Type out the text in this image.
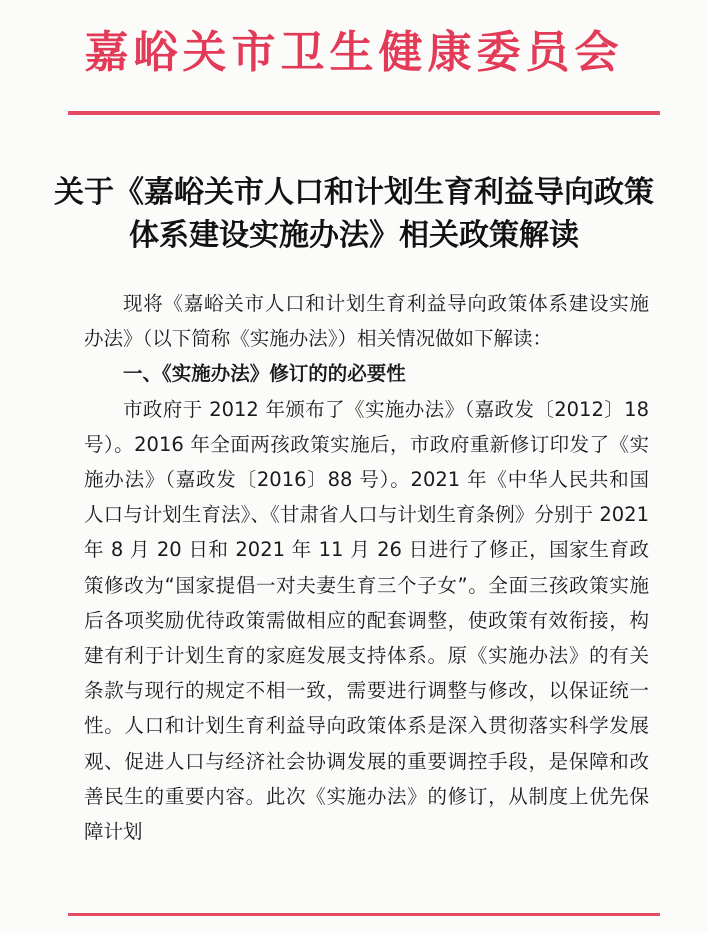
嘉峪关市卫生健康委员会
关于《嘉峪关市人口和计划生育利益导向政策
体系建设实施办法》相关政策解读

现将《嘉峪关市人口和计划生育利益导向政策体系建设实施办法》（以下简称《实施办法》）相关情况做如下解读：

一、《实施办法》修订的的必要性

市政府于 2012 年颁布了《实施办法》（嘉政发〔2012〕18 号）。2016 年全面两孩政策实施后，市政府重新修订印发了《实施办法》（嘉政发〔2016〕88 号）。2021 年《中华人民共和国人口与计划生育法》、《甘肃省人口与计划生育条例》分别于 2021 年 8 月 20 日和 2021 年 11 月 26 日进行了修正，国家生育政策修改为“国家提倡一对夫妻生育三个子女”。全面三孩政策实施后各项奖励优待政策需做相应的配套调整，使政策有效衔接，构建有利于计划生育的家庭发展支持体系。原《实施办法》的有关条款与现行的规定不相一致，需要进行调整与修改，以保证统一性。人口和计划生育利益导向政策体系是深入贯彻落实科学发展观、促进人口与经济社会协调发展的重要调控手段，是保障和改善民生的重要内容。此次《实施办法》的修订，从制度上优先保障计划
